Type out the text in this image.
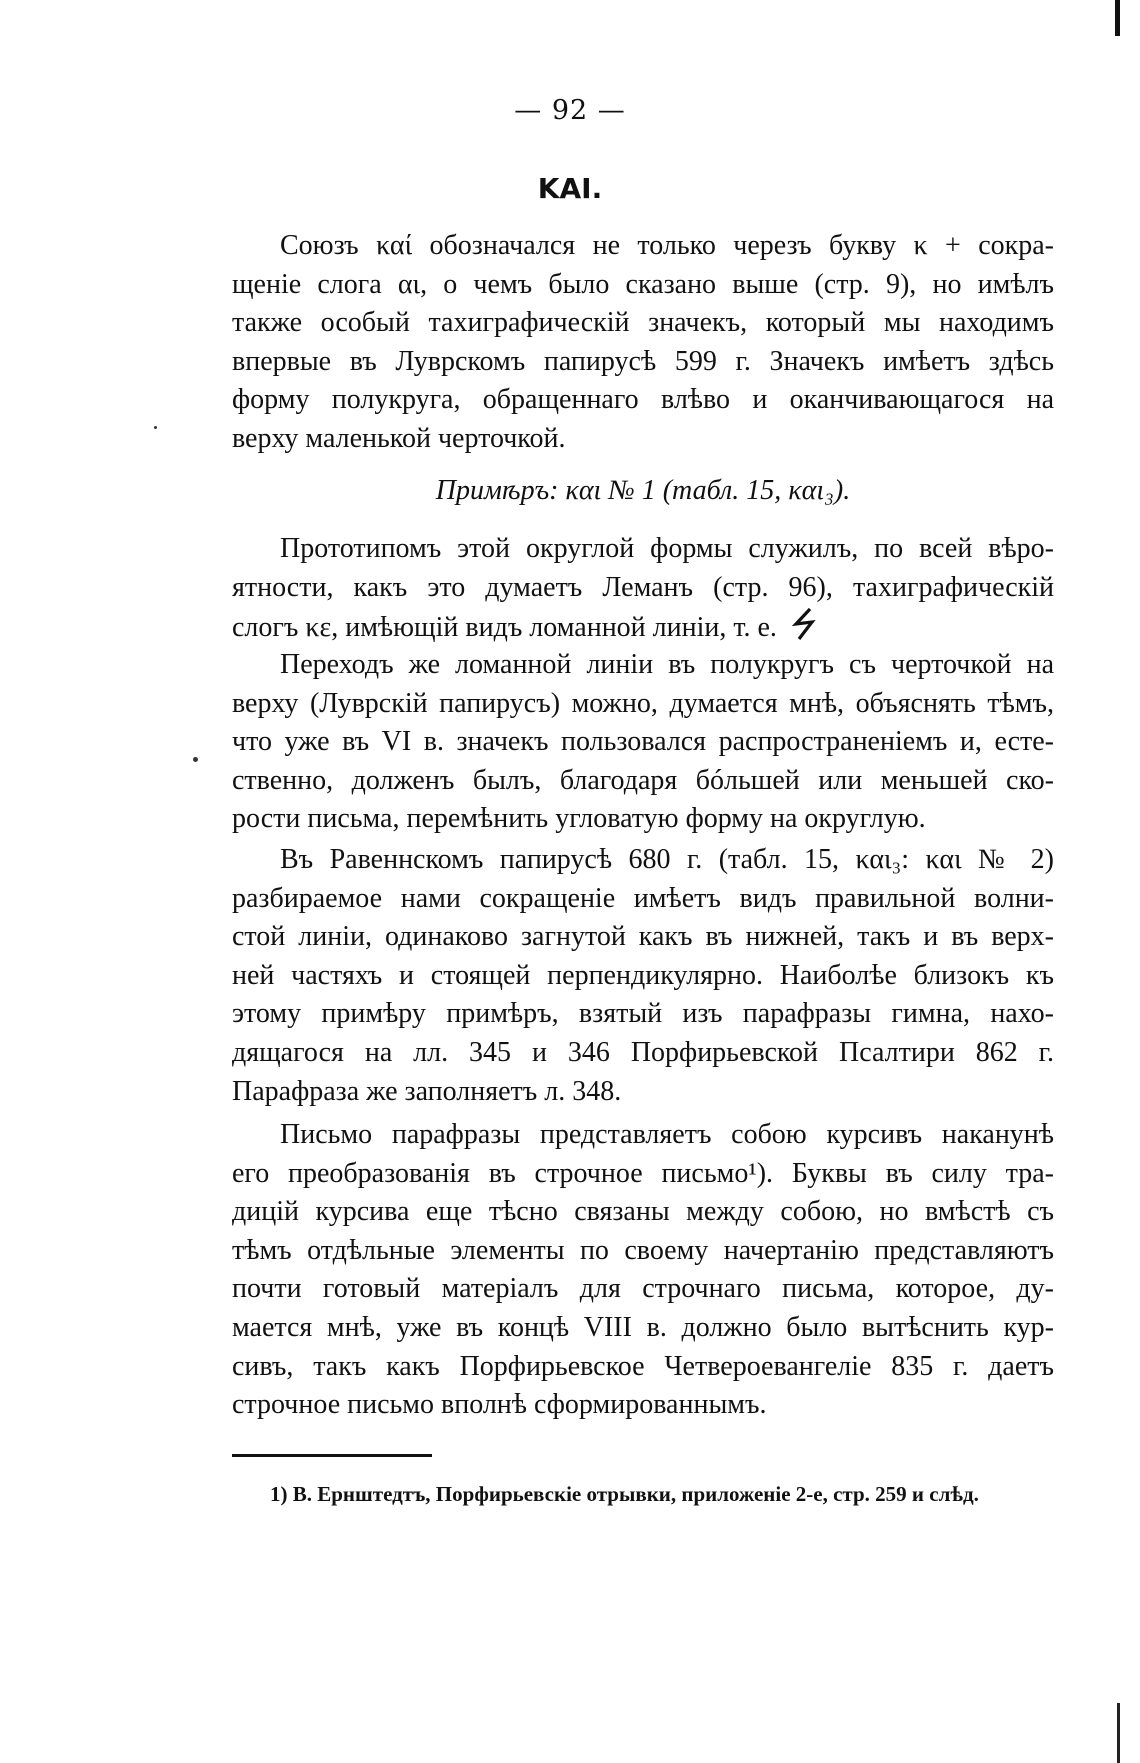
— 92 —
KAI.
Союзъ καί обозначался не только черезъ букву κ + сокра-
щеніе слога αι, о чемъ было сказано выше (стр. 9), но имѣлъ
также особый тахиграфическій значекъ, который мы находимъ
впервые въ Луврскомъ папирусѣ 599 г. Значекъ имѣетъ здѣсь
форму полукруга, обращеннаго влѣво и оканчивающагося на
верху маленькой черточкой.
Примѣръ: και № 1 (табл. 15, και₃).
Прототипомъ этой округлой формы служилъ, по всей вѣро-
ятности, какъ это думаетъ Леманъ (стр. 96), тахиграфическій
слогъ κε, имѣющій видъ ломанной линіи, т. е.
Переходъ же ломанной линіи въ полукругъ съ черточкой на
верху (Луврскій папирусъ) можно, думается мнѣ, объяснять тѣмъ,
что уже въ VI в. значекъ пользовался распространеніемъ и, есте-
ственно, долженъ былъ, благодаря бóльшей или меньшей ско-
рости письма, перемѣнить угловатую форму на округлую.
Въ Равеннскомъ папирусѣ 680 г. (табл. 15, και₃: και № 2)
разбираемое нами сокращеніе имѣетъ видъ правильной волни-
стой линіи, одинаково загнутой какъ въ нижней, такъ и въ верх-
ней частяхъ и стоящей перпендикулярно. Наиболѣе близокъ къ
этому примѣру примѣръ, взятый изъ парафразы гимна, нахо-
дящагося на лл. 345 и 346 Порфирьевской Псалтири 862 г.
Парафраза же заполняетъ л. 348.
Письмо парафразы представляетъ собою курсивъ наканунѣ
его преобразованія въ строчное письмо¹). Буквы въ силу тра-
дицій курсива еще тѣсно связаны между собою, но вмѣстѣ съ
тѣмъ отдѣльные элементы по своему начертанію представляютъ
почти готовый матеріалъ для строчнаго письма, которое, ду-
мается мнѣ, уже въ концѣ VIII в. должно было вытѣснить кур-
сивъ, такъ какъ Порфирьевское Четвероевангеліе 835 г. даетъ
строчное письмо вполнѣ сформированнымъ.
1) В. Ернштедтъ, Порфирьевскіе отрывки, приложеніе 2-е, стр. 259 и слѣд.
